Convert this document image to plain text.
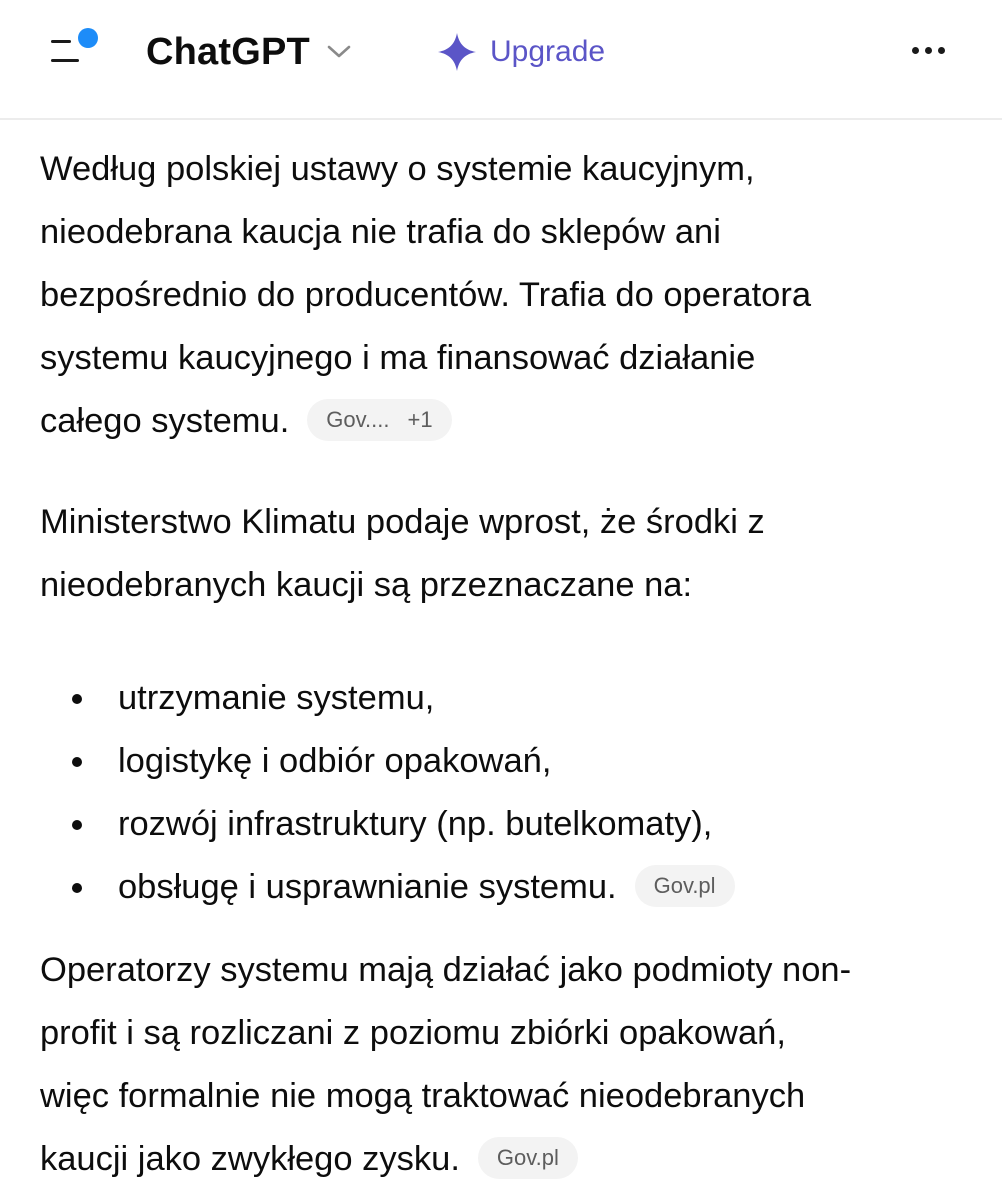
ChatGPT	Upgrade

Według polskiej ustawy o systemie kaucyjnym,
nieodebrana kaucja nie trafia do sklepów ani
bezpośrednio do producentów. Trafia do operatora
systemu kaucyjnego i ma finansować działanie
całego systemu. Gov.... +1

Ministerstwo Klimatu podaje wprost, że środki z
nieodebranych kaucji są przeznaczane na:

utrzymanie systemu,
logistykę i odbiór opakowań,
rozwój infrastruktury (np. butelkomaty),
obsługę i usprawnianie systemu. Gov.pl

Operatorzy systemu mają działać jako podmioty non-
profit i są rozliczani z poziomu zbiórki opakowań,
więc formalnie nie mogą traktować nieodebranych
kaucji jako zwykłego zysku. Gov.pl
